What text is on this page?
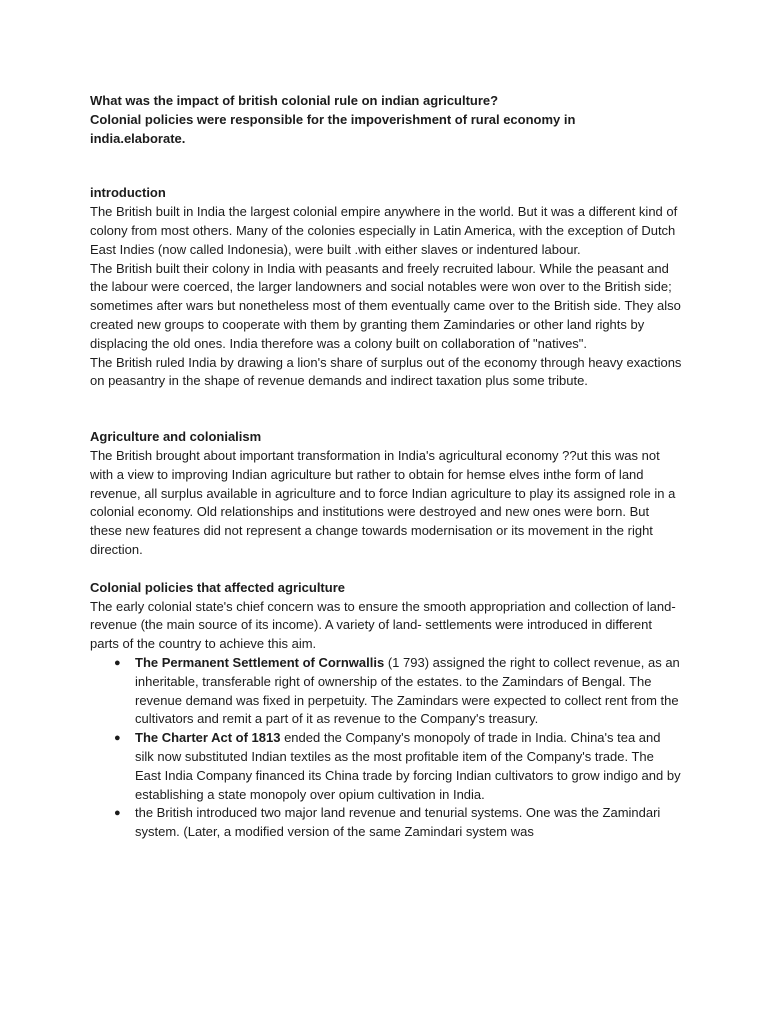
What was the impact of british colonial rule on indian agriculture?

Colonial policies were responsible for the impoverishment of rural economy in

india.elaborate.

introduction

The British built in India the largest colonial empire anywhere in the world. But it was a different kind of colony from most others. Many of the colonies especially in Latin America, with the exception of Dutch East Indies (now called Indonesia), were built .with either slaves or indentured labour.

The British built their colony in India with peasants and freely recruited labour. While the peasant and the labour were coerced, the larger landowners and social notables were won over to the British side; sometimes after wars but nonetheless most of them eventually came over to the British side. They also created new groups to cooperate with them by granting them Zamindaries or other land rights by displacing the old ones. India therefore was a colony built on collaboration of "natives".

The British ruled India by drawing a lion's share of surplus out of the economy through heavy exactions on peasantry in the shape of revenue demands and indirect taxation plus some tribute.

Agriculture and colonialism

The British brought about important transformation in India's agricultural economy ??ut this was not with a view to improving Indian agriculture but rather to obtain for hemse elves inthe form of land revenue, all surplus available in agriculture and to force Indian agriculture to play its assigned role in a colonial economy. Old relationships and institutions were destroyed and new ones were born. But these new features did not represent a change towards modernisation or its movement in the right direction.

Colonial policies that affected agriculture

The early colonial state's chief concern was to ensure the smooth appropriation and collection of land-revenue (the main source of its income). A variety of land- settlements were introduced in different parts of the country to achieve this aim.

● The Permanent Settlement of Cornwallis (1 793) assigned the right to collect revenue, as an inheritable, transferable right of ownership of the estates. to the Zamindars of Bengal. The revenue demand was fixed in perpetuity. The Zamindars were expected to collect rent from the cultivators and remit a part of it as revenue to the Company's treasury.
● The Charter Act of 1813 ended the Company's monopoly of trade in India. China's tea and silk now substituted Indian textiles as the most profitable item of the Company's trade. The East India Company financed its China trade by forcing Indian cultivators to grow indigo and by establishing a state monopoly over opium cultivation in India.
● the British introduced two major land revenue and tenurial systems. One was the Zamindari system. (Later, a modified version of the same Zamindari system was
